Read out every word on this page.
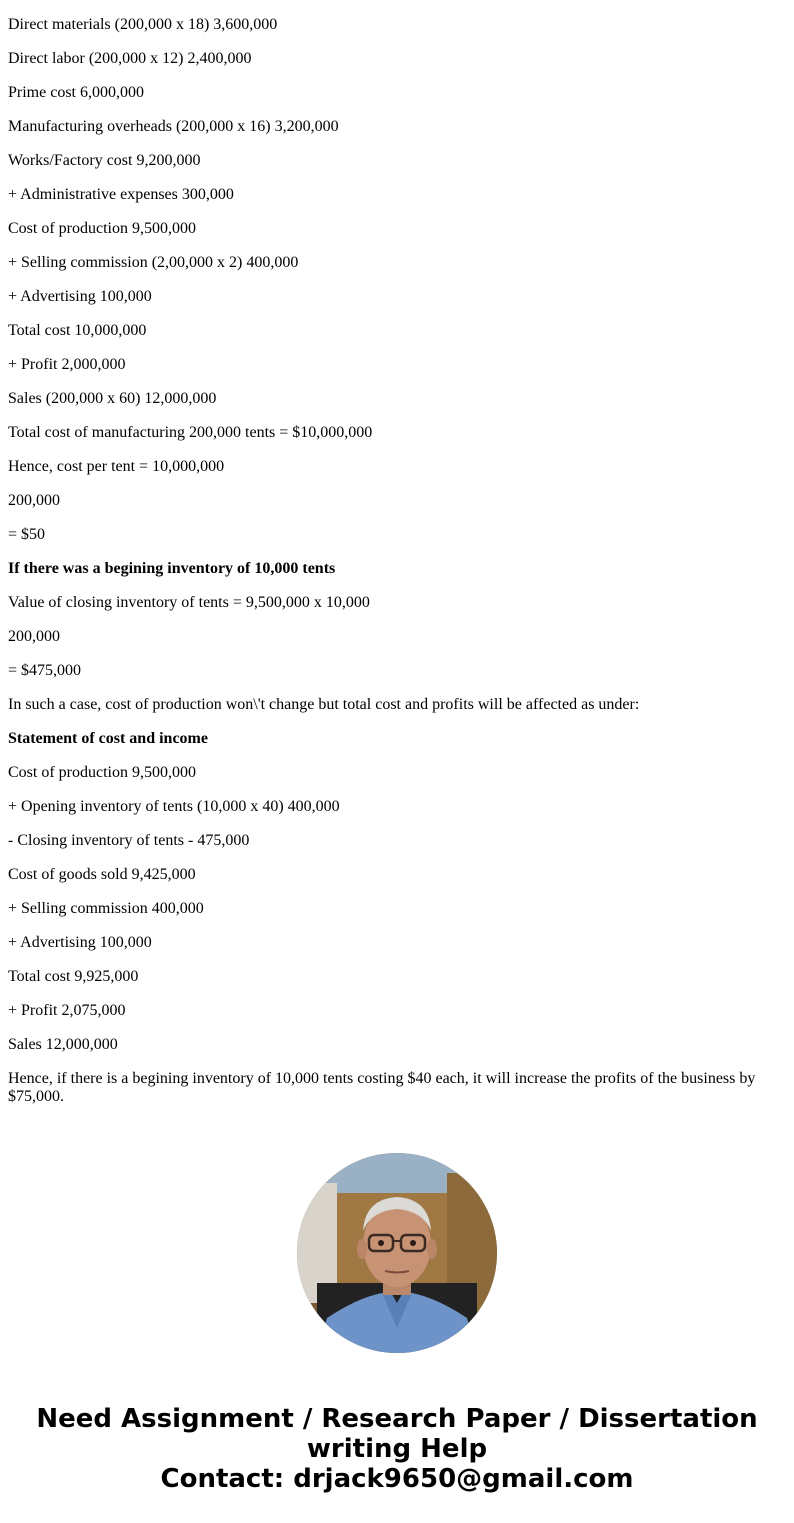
Direct materials (200,000 x 18) 3,600,000

Direct labor (200,000 x 12) 2,400,000

Prime cost 6,000,000

Manufacturing overheads (200,000 x 16) 3,200,000

Works/Factory cost 9,200,000

+ Administrative expenses 300,000

Cost of production 9,500,000

+ Selling commission (2,00,000 x 2) 400,000

+ Advertising 100,000

Total cost 10,000,000

+ Profit 2,000,000

Sales (200,000 x 60) 12,000,000

Total cost of manufacturing 200,000 tents = $10,000,000

Hence, cost per tent = 10,000,000

200,000

= $50

If there was a begining inventory of 10,000 tents

Value of closing inventory of tents = 9,500,000 x 10,000

200,000

= $475,000

In such a case, cost of production won\'t change but total cost and profits will be affected as under:

Statement of cost and income

Cost of production 9,500,000

+ Opening inventory of tents (10,000 x 40) 400,000

- Closing inventory of tents - 475,000

Cost of goods sold 9,425,000

+ Selling commission 400,000

+ Advertising 100,000

Total cost 9,925,000

+ Profit 2,075,000

Sales 12,000,000

Hence, if there is a begining inventory of 10,000 tents costing $40 each, it will increase the profits of the business by $75,000.

Need Assignment / Research Paper / Dissertation
writing Help
Contact: drjack9650@gmail.com
